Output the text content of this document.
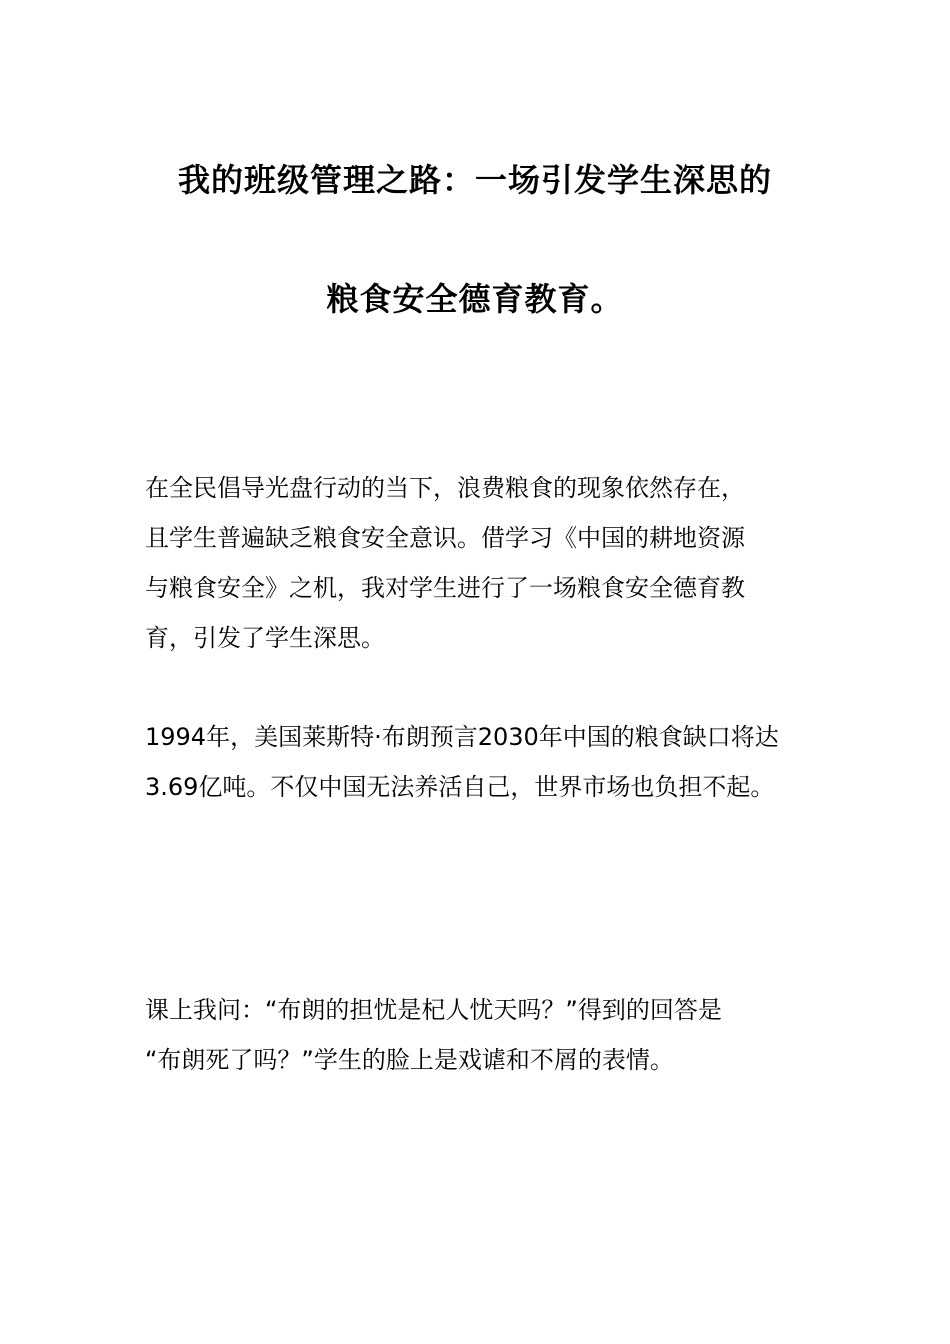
我的班级管理之路：一场引发学生深思的
粮食安全德育教育。
在全民倡导光盘行动的当下，浪费粮食的现象依然存在，
且学生普遍缺乏粮食安全意识。借学习《中国的耕地资源
与粮食安全》之机，我对学生进行了一场粮食安全德育教
育，引发了学生深思。
1994年，美国莱斯特·布朗预言2030年中国的粮食缺口将达
3.69亿吨。不仅中国无法养活自己，世界市场也负担不起。
课上我问：“布朗的担忧是杞人忧天吗？”得到的回答是
“布朗死了吗？”学生的脸上是戏谑和不屑的表情。
